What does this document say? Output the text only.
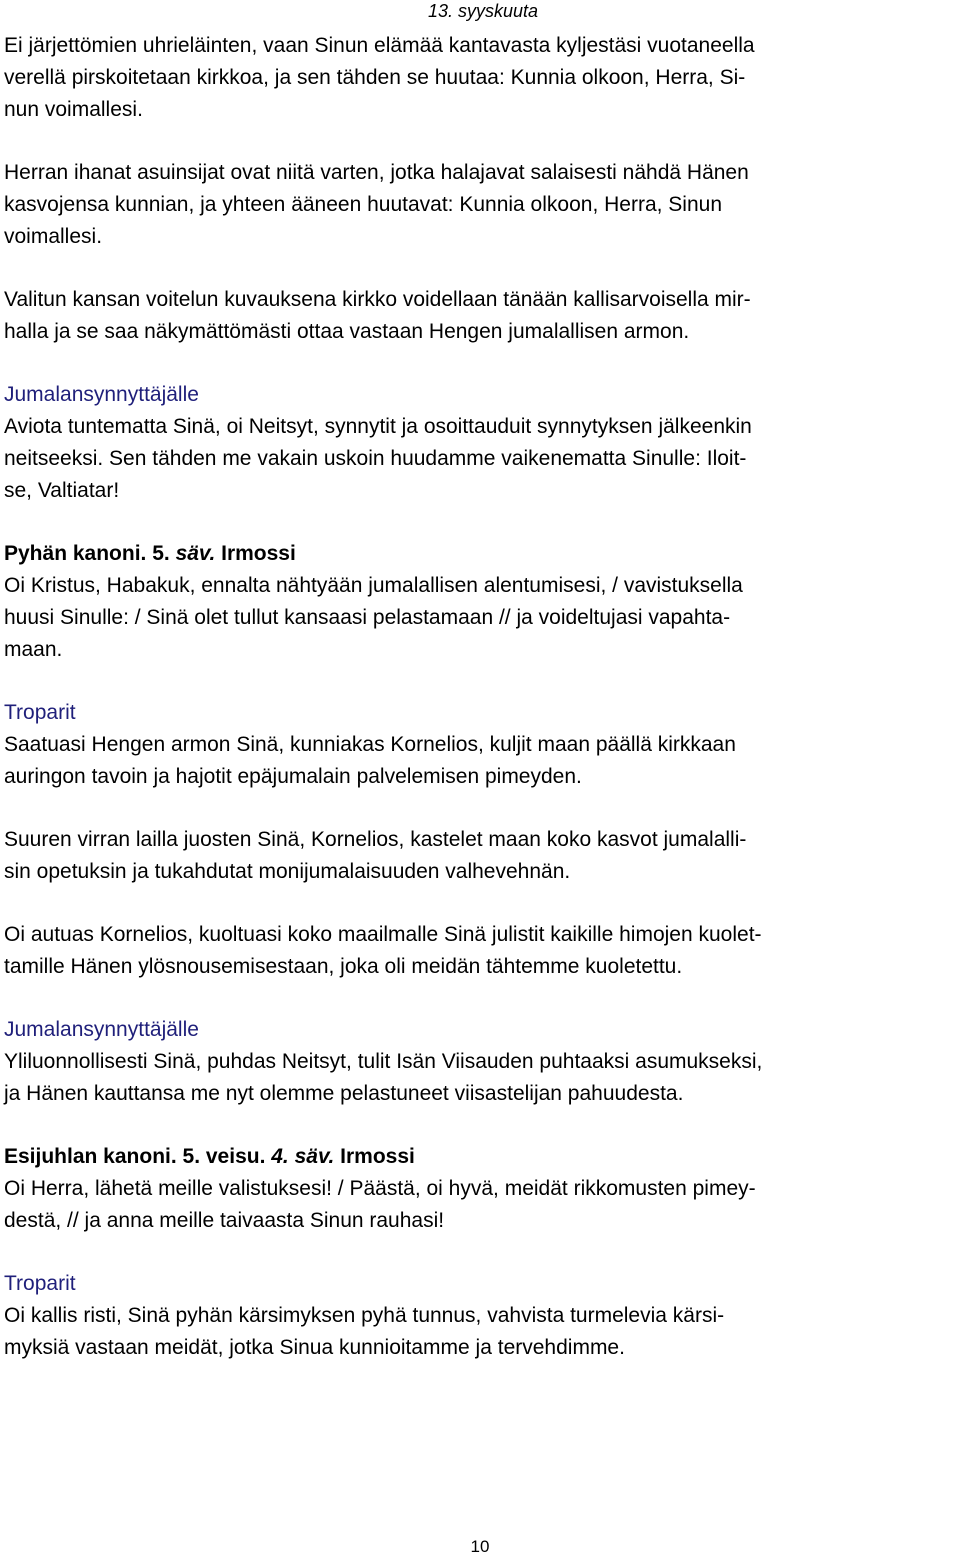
13. syyskuuta

Ei järjettömien uhrieläinten, vaan Sinun elämää kantavasta kyljestäsi vuotaneella
verellä pirskoitetaan kirkkoa, ja sen tähden se huutaa: Kunnia olkoon, Herra, Si-
nun voimallesi.

Herran ihanat asuinsijat ovat niitä varten, jotka halajavat salaisesti nähdä Hänen
kasvojensa kunnian, ja yhteen ääneen huutavat: Kunnia olkoon, Herra, Sinun
voimallesi.

Valitun kansan voitelun kuvauksena kirkko voidellaan tänään kallisarvoisella mir-
halla ja se saa näkymättömästi ottaa vastaan Hengen jumalallisen armon.

Jumalansynnyttäjälle
Aviota tuntematta Sinä, oi Neitsyt, synnytit ja osoittauduit synnytyksen jälkeenkin
neitseeksi. Sen tähden me vakain uskoin huudamme vaikenematta Sinulle: Iloit-
se, Valtiatar!
Pyhän kanoni. 5. säv. Irmossi
Oi Kristus, Habakuk, ennalta nähtyään jumalallisen alentumisesi, / vavistuksella
huusi Sinulle: / Sinä olet tullut kansaasi pelastamaan // ja voideltujasi vapahta-
maan.
Troparit
Saatuasi Hengen armon Sinä, kunniakas Kornelios, kuljit maan päällä kirkkaan
auringon tavoin ja hajotit epäjumalain palvelemisen pimeyden.
Suuren virran lailla juosten Sinä, Kornelios, kastelet maan koko kasvot jumalalli-
sin opetuksin ja tukahdutat monijumalaisuuden valhevehnän.
Oi autuas Kornelios, kuoltuasi koko maailmalle Sinä julistit kaikille himojen kuolet-
tamille Hänen ylösnousemisestaan, joka oli meidän tähtemme kuoletettu.
Jumalansynnyttäjälle
Yliluonnollisesti Sinä, puhdas Neitsyt, tulit Isän Viisauden puhtaaksi asumukseksi,
ja Hänen kauttansa me nyt olemme pelastuneet viisastelijan pahuudesta.
Esijuhlan kanoni. 5. veisu. 4. säv. Irmossi
Oi Herra, lähetä meille valistuksesi! / Päästä, oi hyvä, meidät rikkomusten pimey-
destä, // ja anna meille taivaasta Sinun rauhasi!
Troparit
Oi kallis risti, Sinä pyhän kärsimyksen pyhä tunnus, vahvista turmelevia kärsi-
myksiä vastaan meidät, jotka Sinua kunnioitamme ja tervehdimme.
10
